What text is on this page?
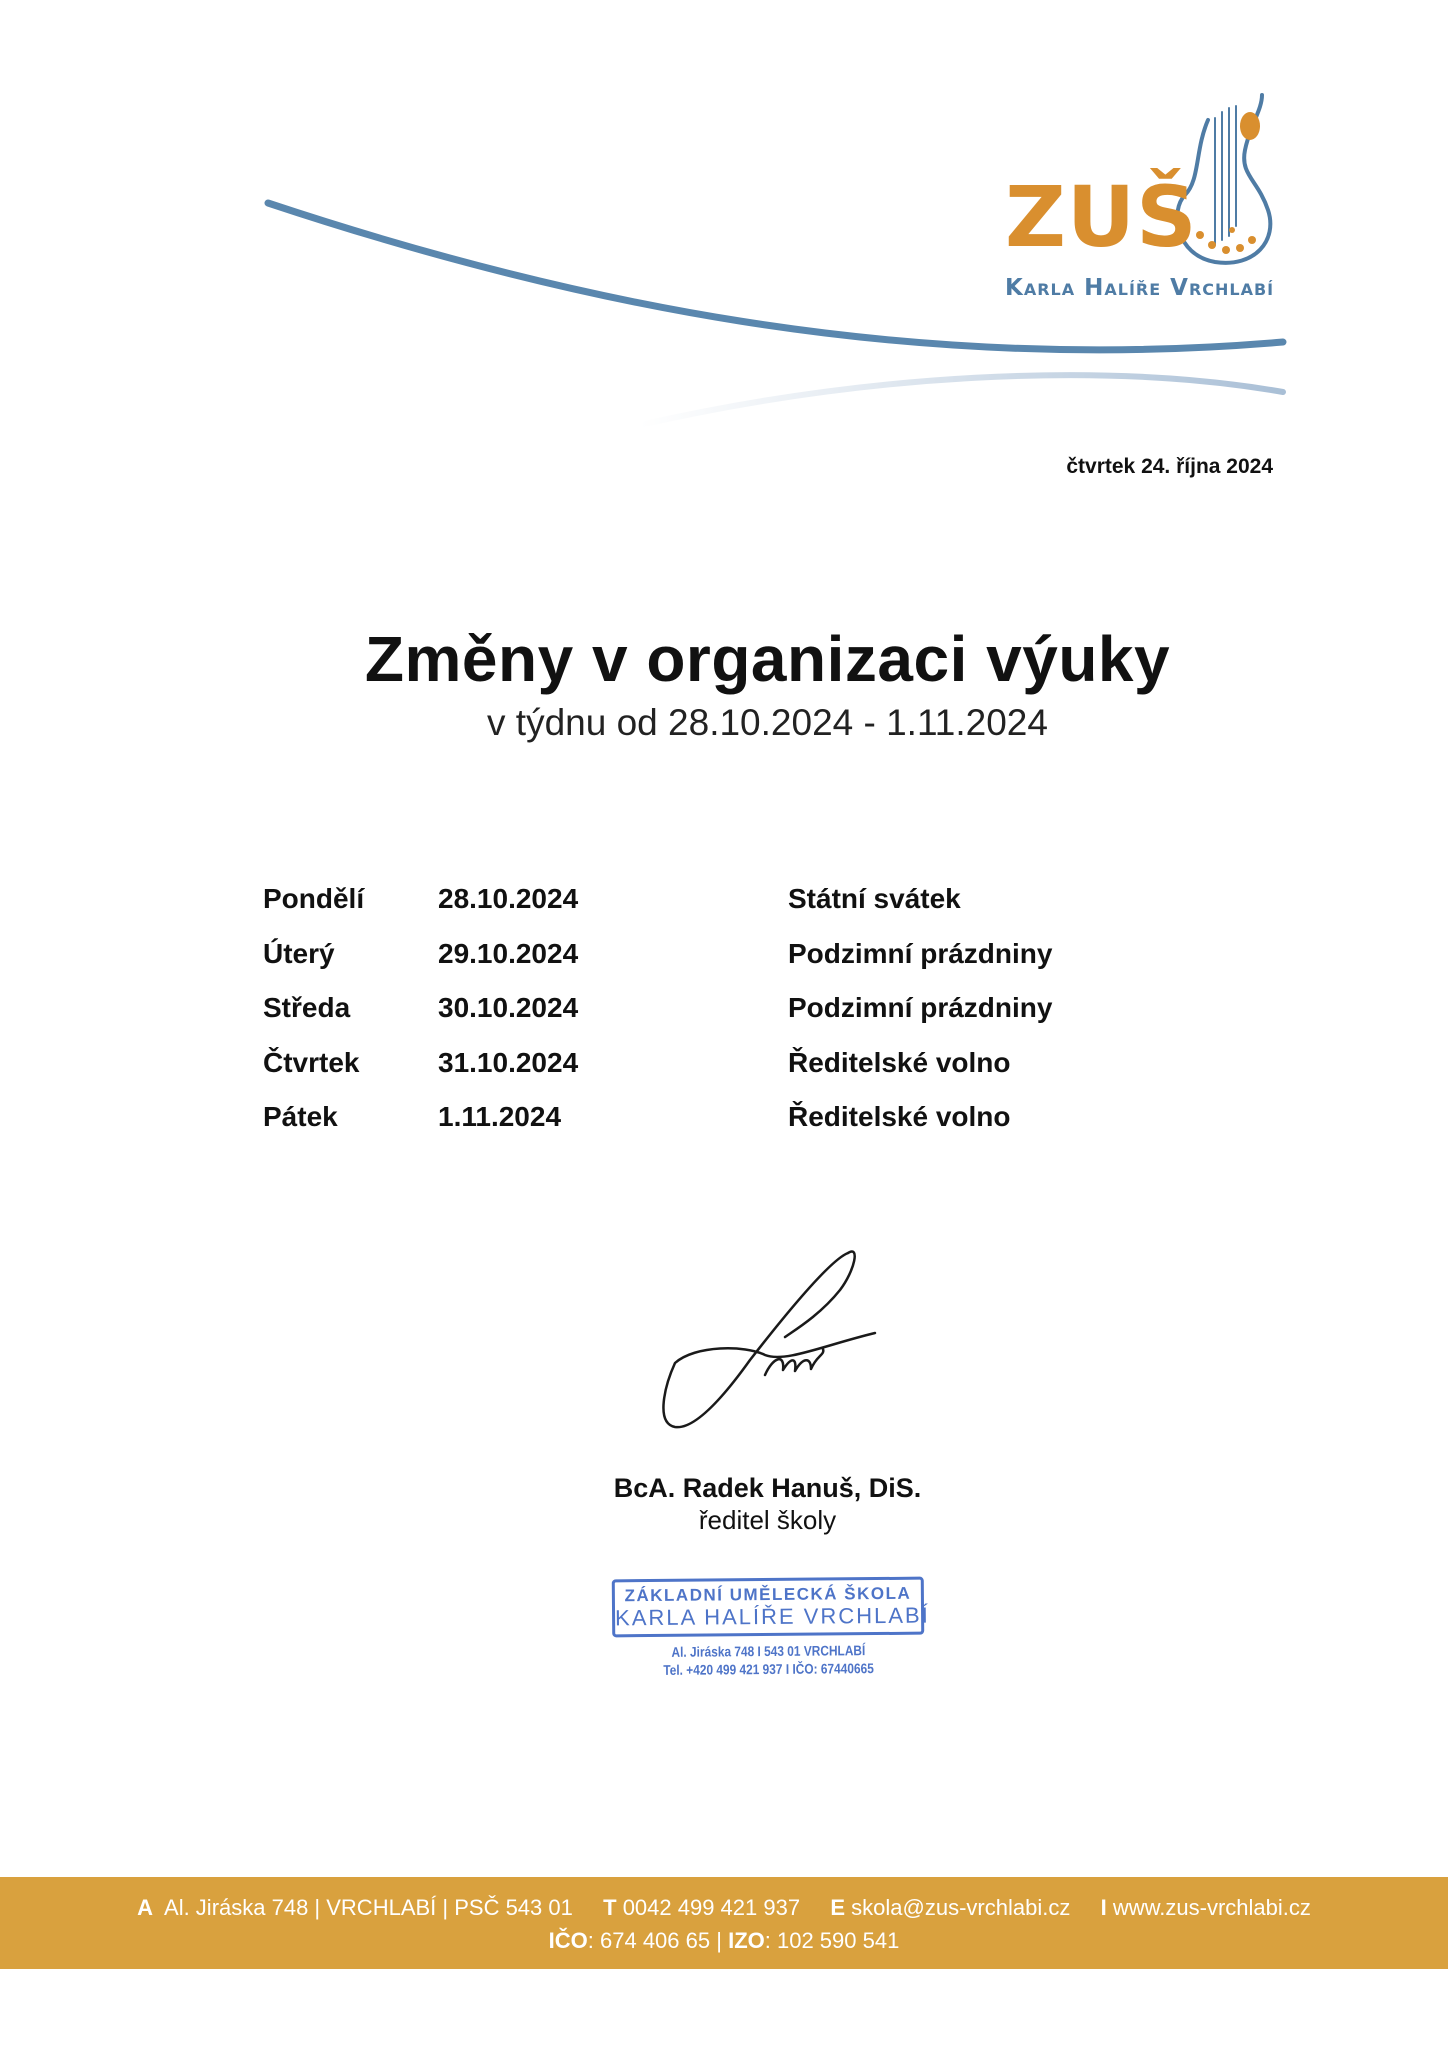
ZUŠ
Karla Halíře Vrchlabí
čtvrtek 24. října 2024
Změny v organizaci výuky
v týdnu od 28.10.2024 - 1.11.2024
Pondělí	28.10.2024	Státní svátek
Úterý	29.10.2024	Podzimní prázdniny
Středa	30.10.2024	Podzimní prázdniny
Čtvrtek	31.10.2024	Ředitelské volno
Pátek	1.11.2024	Ředitelské volno
BcA. Radek Hanuš, DiS.
ředitel školy
ZÁKLADNÍ UMĚLECKÁ ŠKOLA
KARLA HALÍŘE VRCHLABÍ
Al. Jiráska 748 I 543 01 VRCHLABÍ
Tel. +420 499 421 937 I IČO: 67440665
A Al. Jiráska 748 | VRCHLABÍ | PSČ 543 01 T 0042 499 421 937 E skola@zus-vrchlabi.cz I www.zus-vrchlabi.cz
IČO: 674 406 65 | IZO: 102 590 541
